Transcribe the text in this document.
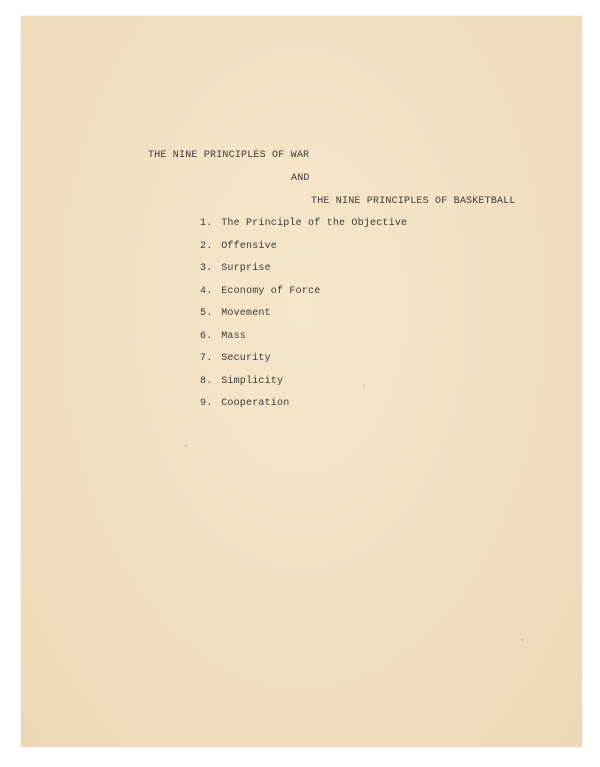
THE NINE PRINCIPLES OF WAR
AND
THE NINE PRINCIPLES OF BASKETBALL
1. The Principle of the Objective
2. Offensive
3. Surprise
4. Economy of Force
5. Movement
6. Mass
7. Security
8. Simplicity
9. Cooperation
